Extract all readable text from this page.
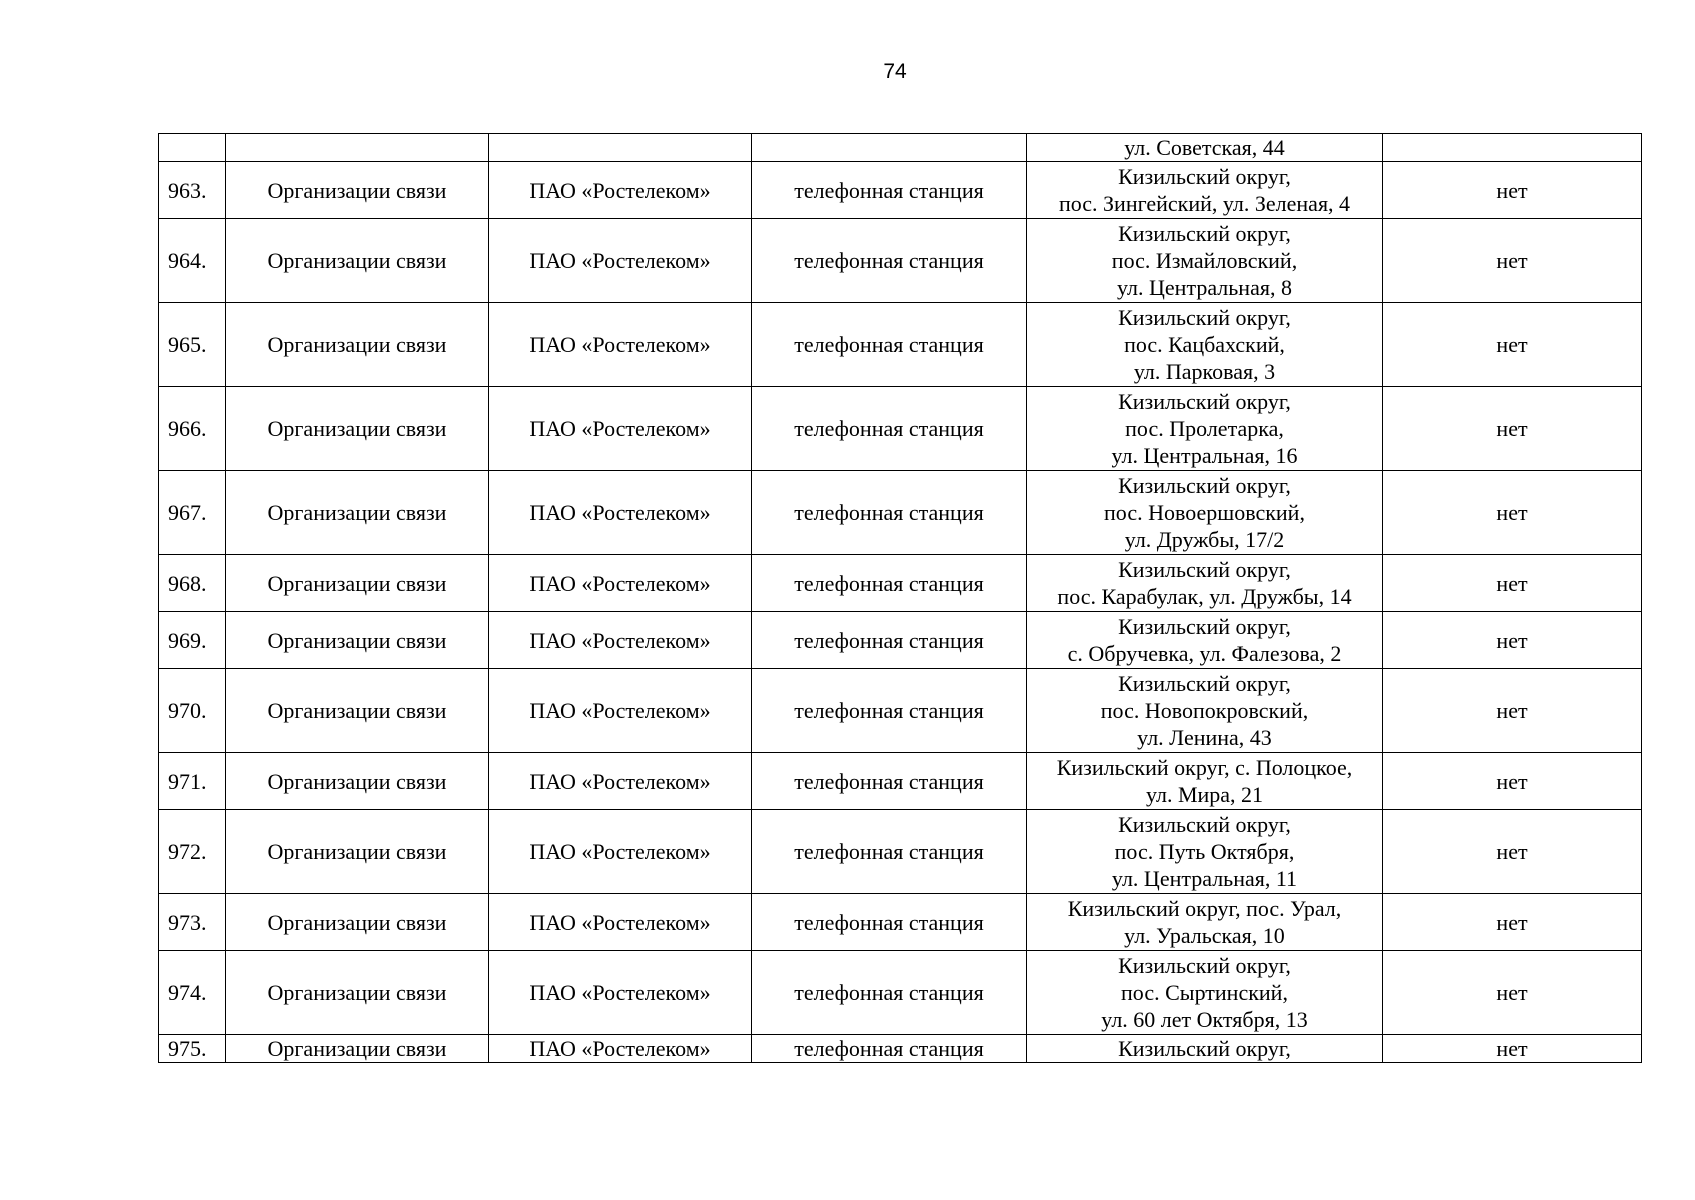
74
				ул. Советская, 44	
963.	Организации связи	ПАО «Ростелеком»	телефонная станция	Кизильский округ,
пос. Зингейский, ул. Зеленая, 4	нет
964.	Организации связи	ПАО «Ростелеком»	телефонная станция	Кизильский округ,
пос. Измайловский,
ул. Центральная, 8	нет
965.	Организации связи	ПАО «Ростелеком»	телефонная станция	Кизильский округ,
пос. Кацбахский,
ул. Парковая, 3	нет
966.	Организации связи	ПАО «Ростелеком»	телефонная станция	Кизильский округ,
пос. Пролетарка,
ул. Центральная, 16	нет
967.	Организации связи	ПАО «Ростелеком»	телефонная станция	Кизильский округ,
пос. Новоершовский,
ул. Дружбы, 17/2	нет
968.	Организации связи	ПАО «Ростелеком»	телефонная станция	Кизильский округ,
пос. Карабулак, ул. Дружбы, 14	нет
969.	Организации связи	ПАО «Ростелеком»	телефонная станция	Кизильский округ,
с. Обручевка, ул. Фалезова, 2	нет
970.	Организации связи	ПАО «Ростелеком»	телефонная станция	Кизильский округ,
пос. Новопокровский,
ул. Ленина, 43	нет
971.	Организации связи	ПАО «Ростелеком»	телефонная станция	Кизильский округ, с. Полоцкое,
ул. Мира, 21	нет
972.	Организации связи	ПАО «Ростелеком»	телефонная станция	Кизильский округ,
пос. Путь Октября,
ул. Центральная, 11	нет
973.	Организации связи	ПАО «Ростелеком»	телефонная станция	Кизильский округ, пос. Урал,
ул. Уральская, 10	нет
974.	Организации связи	ПАО «Ростелеком»	телефонная станция	Кизильский округ,
пос. Сыртинский,
ул. 60 лет Октября, 13	нет
975.	Организации связи	ПАО «Ростелеком»	телефонная станция	Кизильский округ,	нет
